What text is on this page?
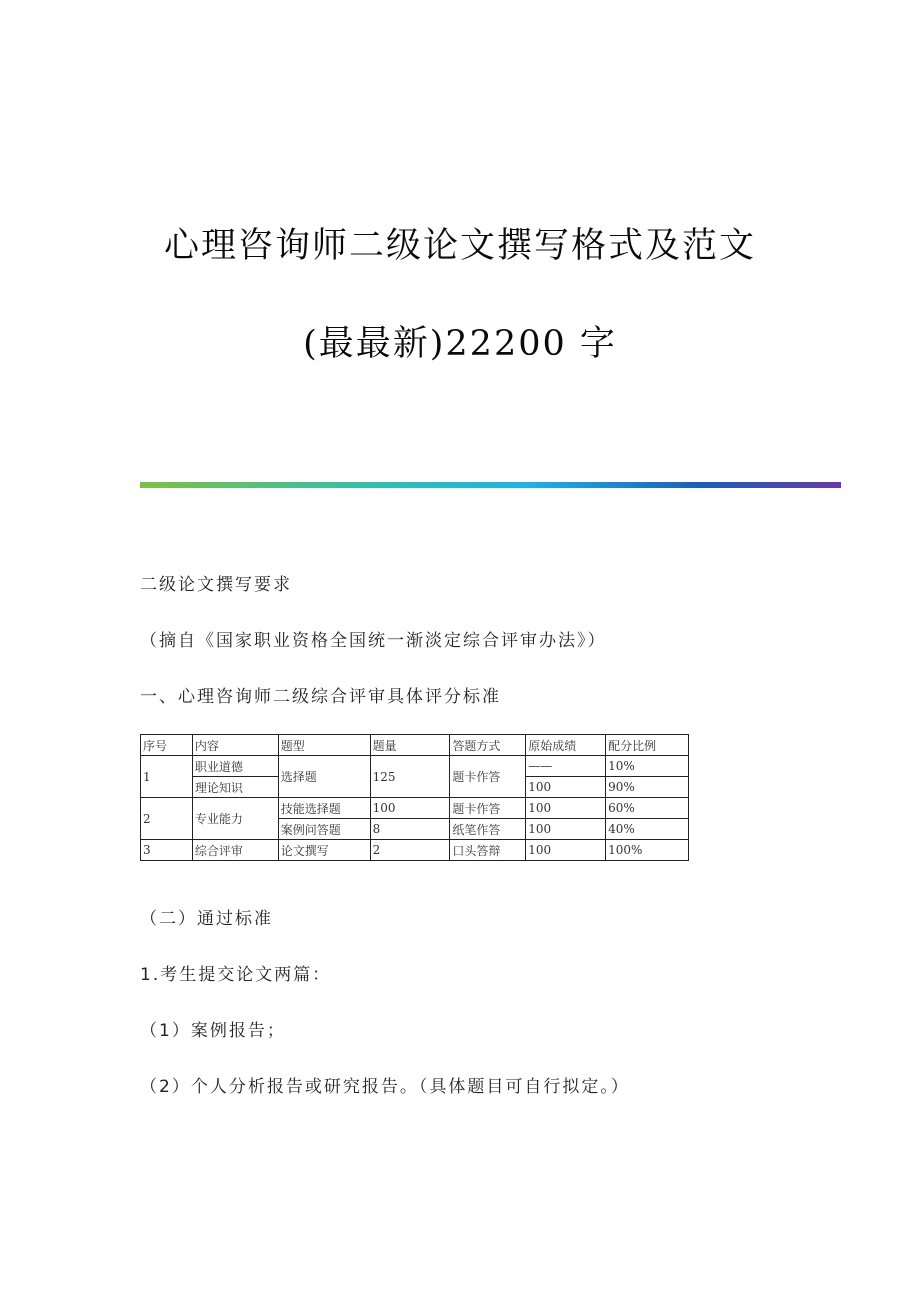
心理咨询师二级论文撰写格式及范文
(最最新)22200 字
二级论文撰写要求
（摘自《国家职业资格全国统一渐淡定综合评审办法》）
一、心理咨询师二级综合评审具体评分标准
序号	内容	题型	题量	答题方式	原始成绩	配分比例
1	职业道德	选择题	125	题卡作答	——	10%
	理论知识				100	90%
2	专业能力	技能选择题	100	题卡作答	100	60%
		案例问答题	8	纸笔作答	100	40%
3	综合评审	论文撰写	2	口头答辩	100	100%
（二）通过标准
1.考生提交论文两篇：
（1）案例报告；
（2）个人分析报告或研究报告。（具体题目可自行拟定。）
